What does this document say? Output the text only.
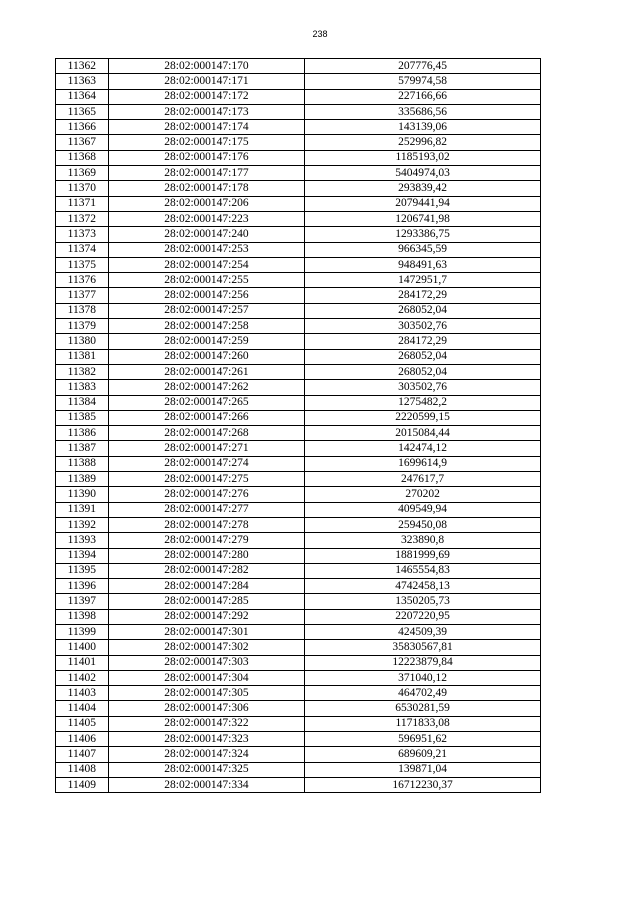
238
11362	28:02:000147:170	207776,45
11363	28:02:000147:171	579974,58
11364	28:02:000147:172	227166,66
11365	28:02:000147:173	335686,56
11366	28:02:000147:174	143139,06
11367	28:02:000147:175	252996,82
11368	28:02:000147:176	1185193,02
11369	28:02:000147:177	5404974,03
11370	28:02:000147:178	293839,42
11371	28:02:000147:206	2079441,94
11372	28:02:000147:223	1206741,98
11373	28:02:000147:240	1293386,75
11374	28:02:000147:253	966345,59
11375	28:02:000147:254	948491,63
11376	28:02:000147:255	1472951,7
11377	28:02:000147:256	284172,29
11378	28:02:000147:257	268052,04
11379	28:02:000147:258	303502,76
11380	28:02:000147:259	284172,29
11381	28:02:000147:260	268052,04
11382	28:02:000147:261	268052,04
11383	28:02:000147:262	303502,76
11384	28:02:000147:265	1275482,2
11385	28:02:000147:266	2220599,15
11386	28:02:000147:268	2015084,44
11387	28:02:000147:271	142474,12
11388	28:02:000147:274	1699614,9
11389	28:02:000147:275	247617,7
11390	28:02:000147:276	270202
11391	28:02:000147:277	409549,94
11392	28:02:000147:278	259450,08
11393	28:02:000147:279	323890,8
11394	28:02:000147:280	1881999,69
11395	28:02:000147:282	1465554,83
11396	28:02:000147:284	4742458,13
11397	28:02:000147:285	1350205,73
11398	28:02:000147:292	2207220,95
11399	28:02:000147:301	424509,39
11400	28:02:000147:302	35830567,81
11401	28:02:000147:303	12223879,84
11402	28:02:000147:304	371040,12
11403	28:02:000147:305	464702,49
11404	28:02:000147:306	6530281,59
11405	28:02:000147:322	1171833,08
11406	28:02:000147:323	596951,62
11407	28:02:000147:324	689609,21
11408	28:02:000147:325	139871,04
11409	28:02:000147:334	16712230,37
